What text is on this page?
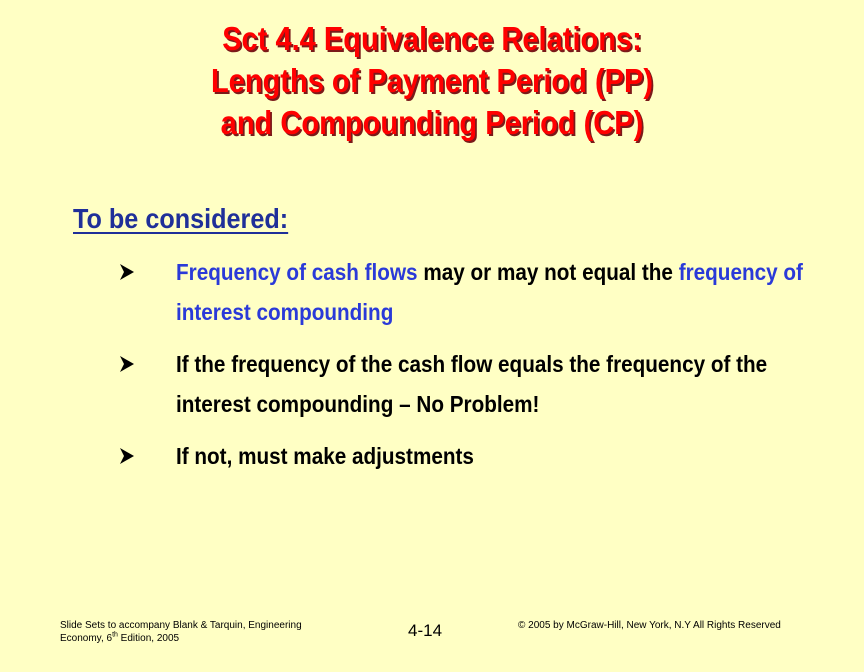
Sct 4.4 Equivalence Relations:
Lengths of Payment Period (PP)
and Compounding Period (CP)
To be considered:
Frequency of cash flows may or may not equal the frequency of interest compounding
If the frequency of the cash flow equals the frequency of the interest compounding – No Problem!
If not, must make adjustments
Slide Sets to accompany Blank & Tarquin, Engineering
Economy, 6th Edition, 2005	4-14	© 2005 by McGraw-Hill, New York, N.Y All Rights Reserved
